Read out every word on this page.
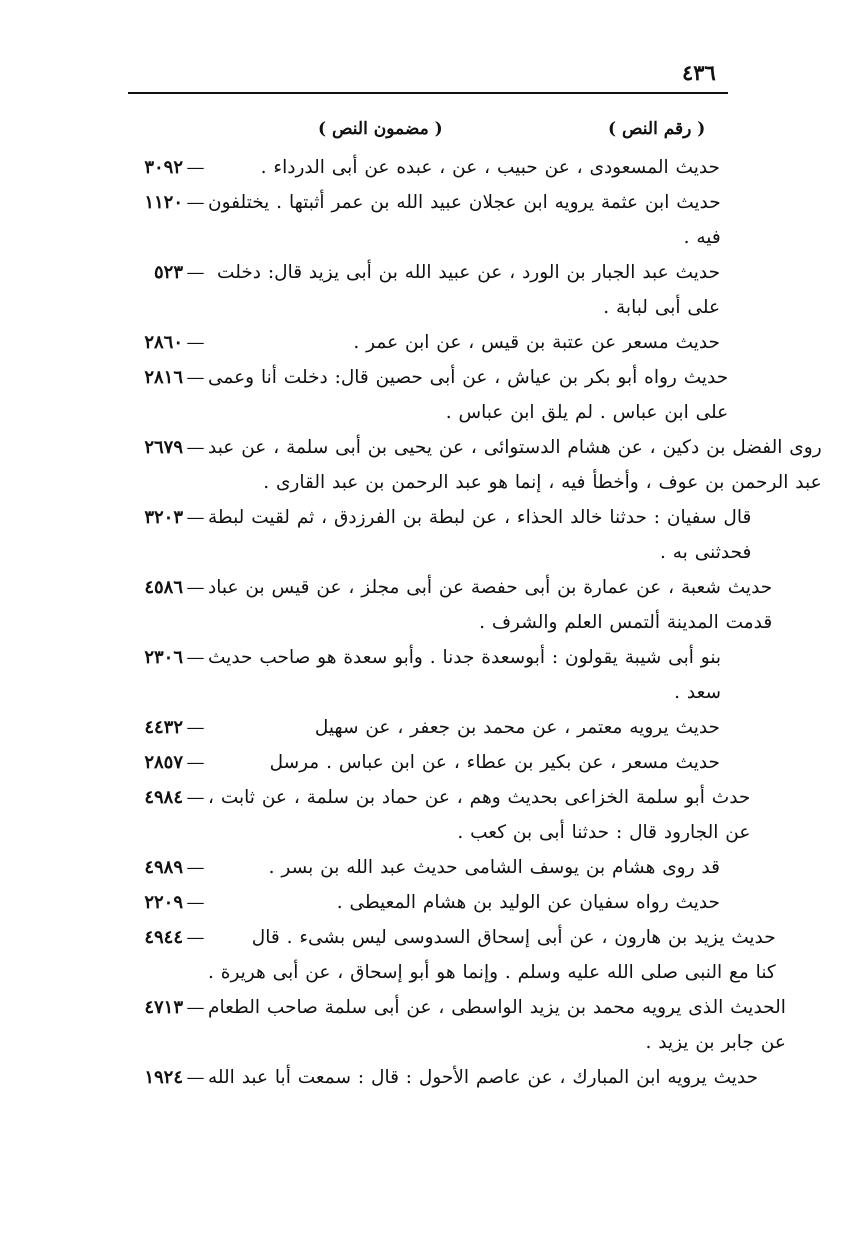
٤٣٦
( رقم النص )
( مضمون النص )
٣٠٩٢ —	حديث المسعودى ، عن حبيب ، عن ، عبده عن أبى الدرداء .
١١٢٠ — حديث ابن عثمة يرويه ابن عجلان عبيد الله بن عمر أثبتها . يختلفون
فيه .
٥٢٣ — حديث عبد الجبار بن الورد ، عن عبيد الله بن أبى يزيد قال: دخلت
على أبى لبابة .
٢٨٦٠ —	حديث مسعر عن عتبة بن قيس ، عن ابن عمر .
٢٨١٦ — حديث رواه أبو بكر بن عياش ، عن أبى حصين قال: دخلت أنا وعمى
على ابن عباس . لم يلق ابن عباس .
٢٦٧٩ — روى الفضل بن دكين ، عن هشام الدستوائى ، عن يحيى بن أبى سلمة ، عن عبد
عبد الرحمن بن عوف ، وأخطأ فيه ، إنما هو عبد الرحمن بن عبد القارى .
٣٢٠٣ — قال سفيان : حدثنا خالد الحذاء ، عن لبطة بن الفرزدق ، ثم لقيت لبطة
فحدثنى به .
٤٥٨٦ — حديث شعبة ، عن عمارة بن أبى حفصة عن أبى مجلز ، عن قيس بن عباد
قدمت المدينة ألتمس العلم والشرف .
٢٣٠٦ — بنو أبى شيبة يقولون : أبوسعدة جدنا . وأبو سعدة هو صاحب حديث
سعد .
٤٤٣٢ —	حديث يرويه معتمر ، عن محمد بن جعفر ، عن سهيل
٢٨٥٧ —	حديث مسعر ، عن بكير بن عطاء ، عن ابن عباس . مرسل
٤٩٨٤ — حدث أبو سلمة الخزاعى بحديث وهم ، عن حماد بن سلمة ، عن ثابت ،
عن الجارود قال : حدثنا أبى بن كعب .
٤٩٨٩ —	قد روى هشام بن يوسف الشامى حديث عبد الله بن بسر .
٢٢٠٩ —	حديث رواه سفيان عن الوليد بن هشام المعيطى .
٤٩٤٤ —	حديث يزيد بن هارون ، عن أبى إسحاق السدوسى ليس بشىء . قال
كنا مع النبى صلى الله عليه وسلم . وإنما هو أبو إسحاق ، عن أبى هريرة .
٤٧١٣ — الحديث الذى يرويه محمد بن يزيد الواسطى ، عن أبى سلمة صاحب الطعام
عن جابر بن يزيد .
١٩٢٤ — حديث يرويه ابن المبارك ، عن عاصم الأحول : قال : سمعت أبا عبد الله
